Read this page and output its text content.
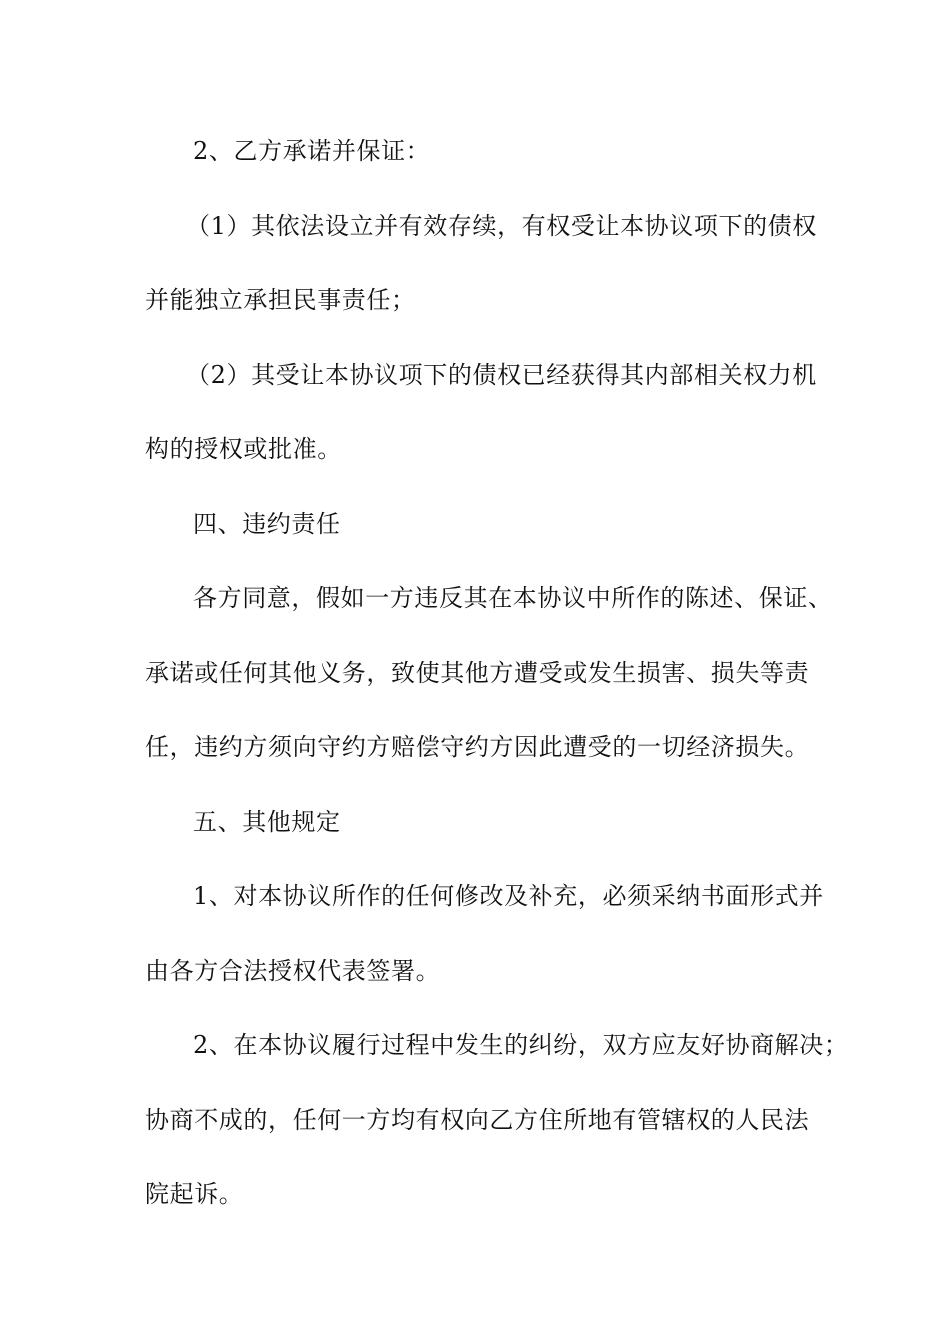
2、乙方承诺并保证：
（1）其依法设立并有效存续，有权受让本协议项下的债权
并能独立承担民事责任；
（2）其受让本协议项下的债权已经获得其内部相关权力机
构的授权或批准。
四、违约责任
各方同意，假如一方违反其在本协议中所作的陈述、保证、
承诺或任何其他义务，致使其他方遭受或发生损害、损失等责
任，违约方须向守约方赔偿守约方因此遭受的一切经济损失。
五、其他规定
1、对本协议所作的任何修改及补充，必须采纳书面形式并
由各方合法授权代表签署。
2、在本协议履行过程中发生的纠纷，双方应友好协商解决；
协商不成的，任何一方均有权向乙方住所地有管辖权的人民法
院起诉。
